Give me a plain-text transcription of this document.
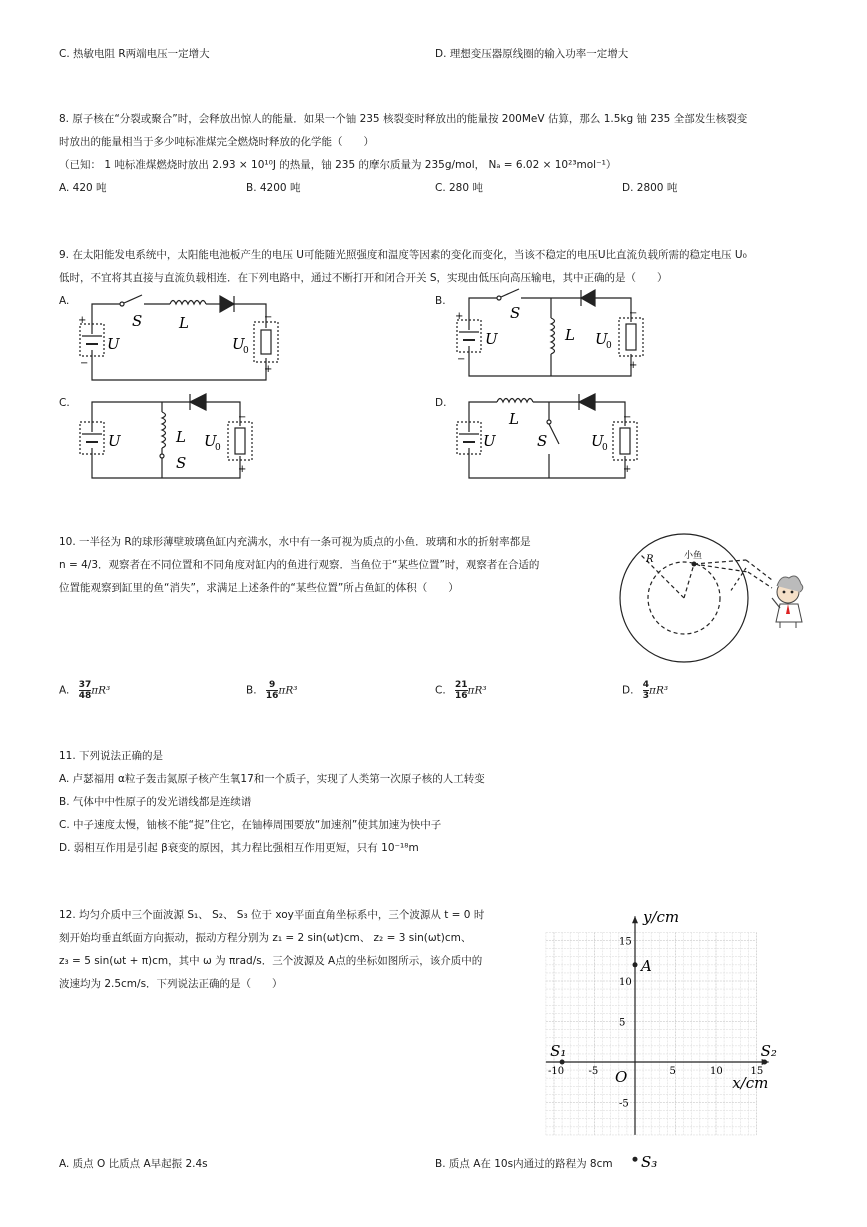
C. 热敏电阻 R两端电压一定增大	D. 理想变压器原线圈的输入功率一定增大
8. 原子核在“分裂或聚合”时，会释放出惊人的能量．如果一个铀 235 核裂变时释放出的能量按 200MeV 估算，那么 1.5kg 铀 235 全部发生核裂变
时放出的能量相当于多少吨标准煤完全燃烧时释放的化学能（　　）
（已知： 1 吨标准煤燃烧时放出 2.93 × 10¹⁰J 的热量，铀 235 的摩尔质量为 235g/mol， Nₐ = 6.02 × 10²³mol⁻¹）
A. 420 吨	B. 4200 吨	C. 280 吨	D. 2800 吨
9. 在太阳能发电系统中，太阳能电池板产生的电压 U可能随光照强度和温度等因素的变化而变化，当该不稳定的电压U比直流负载所需的稳定电压 U₀
低时，不宜将其直接与直流负载相连．在下列电路中，通过不断打开和闭合开关 S，实现由低压向高压输电，其中正确的是（　　）
A.	B.
C.	D.
S L
U	U
0
+
−
−
+
S
L
U	U
0
+
−
−
+
L
S
U	U
0
−
+
L
S
U	U
0
−
+
10. 一半径为 R的球形薄壁玻璃鱼缸内充满水，水中有一条可视为质点的小鱼．玻璃和水的折射率都是
n = 4/3．观察者在不同位置和不同角度对缸内的鱼进行观察．当鱼位于“某些位置”时，观察者在合适的
位置能观察到缸里的鱼“消失”，求满足上述条件的“某些位置”所占鱼缸的体积（　　）
R	小鱼
A. $\frac{37}{48} \pi R^3$	B. $\frac{9}{16} \pi R^3$	C. $\frac{21}{16} \pi R^3$	D. $\frac{4}{3} \pi R^3$
11. 下列说法正确的是
A. 卢瑟福用 α粒子轰击氮原子核产生氧17和一个质子，实现了人类第一次原子核的人工转变
B. 气体中中性原子的发光谱线都是连续谱
C. 中子速度太慢，铀核不能“捉”住它，在铀棒周围要放“加速剂”使其加速为快中子
D. 弱相互作用是引起 β衰变的原因，其力程比强相互作用更短，只有 10⁻¹⁸m
12. 均匀介质中三个面波源 S₁、 S₂、 S₃ 位于 xoy平面直角坐标系中，三个波源从 t = 0 时
刻开始均垂直纸面方向振动，振动方程分别为 z₁ = 2 sin(ωt)cm、 z₂ = 3 sin(ωt)cm、
z₃ = 5 sin(ωt + π)cm，其中 ω 为 πrad/s．三个波源及 A点的坐标如图所示，该介质中的
波速均为 2.5cm/s．下列说法正确的是（　　）
-10 -5	5	10	15
15
10
5
-5
y/cm
x/cm
O
S₁	S₂
S₃
A
A. 质点 O 比质点 A早起振 2.4s	B. 质点 A在 10s内通过的路程为 8cm
